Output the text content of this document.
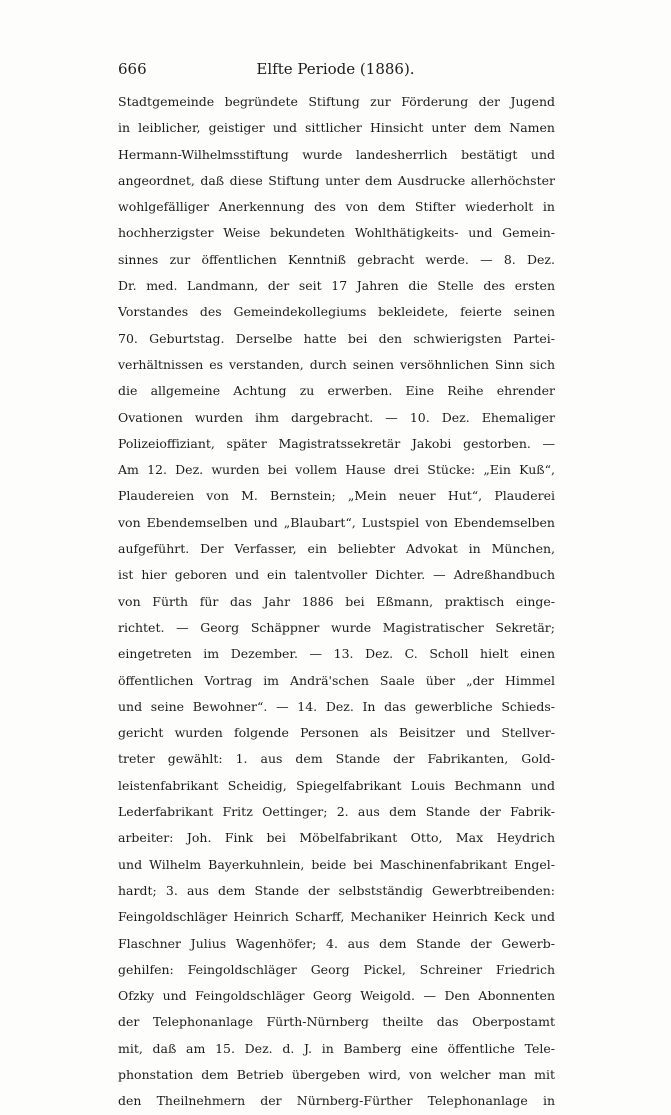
666	Elfte Periode (1886).
Stadtgemeinde begründete Stiftung zur Förderung der Jugend
in leiblicher, geistiger und sittlicher Hinsicht unter dem Namen
Hermann-Wilhelmsstiftung wurde landesherrlich bestätigt und
angeordnet, daß diese Stiftung unter dem Ausdrucke allerhöchster
wohlgefälliger Anerkennung des von dem Stifter wiederholt in
hochherzigster Weise bekundeten Wohlthätigkeits- und Gemein-
sinnes zur öffentlichen Kenntniß gebracht werde. — 8. Dez.
Dr. med. Landmann, der seit 17 Jahren die Stelle des ersten
Vorstandes des Gemeindekollegiums bekleidete, feierte seinen
70. Geburtstag. Derselbe hatte bei den schwierigsten Partei-
verhältnissen es verstanden, durch seinen versöhnlichen Sinn sich
die allgemeine Achtung zu erwerben. Eine Reihe ehrender
Ovationen wurden ihm dargebracht. — 10. Dez. Ehemaliger
Polizeioffiziant, später Magistratssekretär Jakobi gestorben. —
Am 12. Dez. wurden bei vollem Hause drei Stücke: „Ein Kuß“,
Plaudereien von M. Bernstein; „Mein neuer Hut“, Plauderei
von Ebendemselben und „Blaubart“, Lustspiel von Ebendemselben
aufgeführt. Der Verfasser, ein beliebter Advokat in München,
ist hier geboren und ein talentvoller Dichter. — Adreßhandbuch
von Fürth für das Jahr 1886 bei Eßmann, praktisch einge-
richtet. — Georg Schäppner wurde Magistratischer Sekretär;
eingetreten im Dezember. — 13. Dez. C. Scholl hielt einen
öffentlichen Vortrag im Andrä'schen Saale über „der Himmel
und seine Bewohner“. — 14. Dez. In das gewerbliche Schieds-
gericht wurden folgende Personen als Beisitzer und Stellver-
treter gewählt: 1. aus dem Stande der Fabrikanten, Gold-
leistenfabrikant Scheidig, Spiegelfabrikant Louis Bechmann und
Lederfabrikant Fritz Oettinger; 2. aus dem Stande der Fabrik-
arbeiter: Joh. Fink bei Möbelfabrikant Otto, Max Heydrich
und Wilhelm Bayerkuhnlein, beide bei Maschinenfabrikant Engel-
hardt; 3. aus dem Stande der selbstständig Gewerbtreibenden:
Feingoldschläger Heinrich Scharff, Mechaniker Heinrich Keck und
Flaschner Julius Wagenhöfer; 4. aus dem Stande der Gewerb-
gehilfen: Feingoldschläger Georg Pickel, Schreiner Friedrich
Ofzky und Feingoldschläger Georg Weigold. — Den Abonnenten
der Telephonanlage Fürth-Nürnberg theilte das Oberpostamt
mit, daß am 15. Dez. d. J. in Bamberg eine öffentliche Tele-
phonstation dem Betrieb übergeben wird, von welcher man mit
den Theilnehmern der Nürnberg-Fürther Telephonanlage in
